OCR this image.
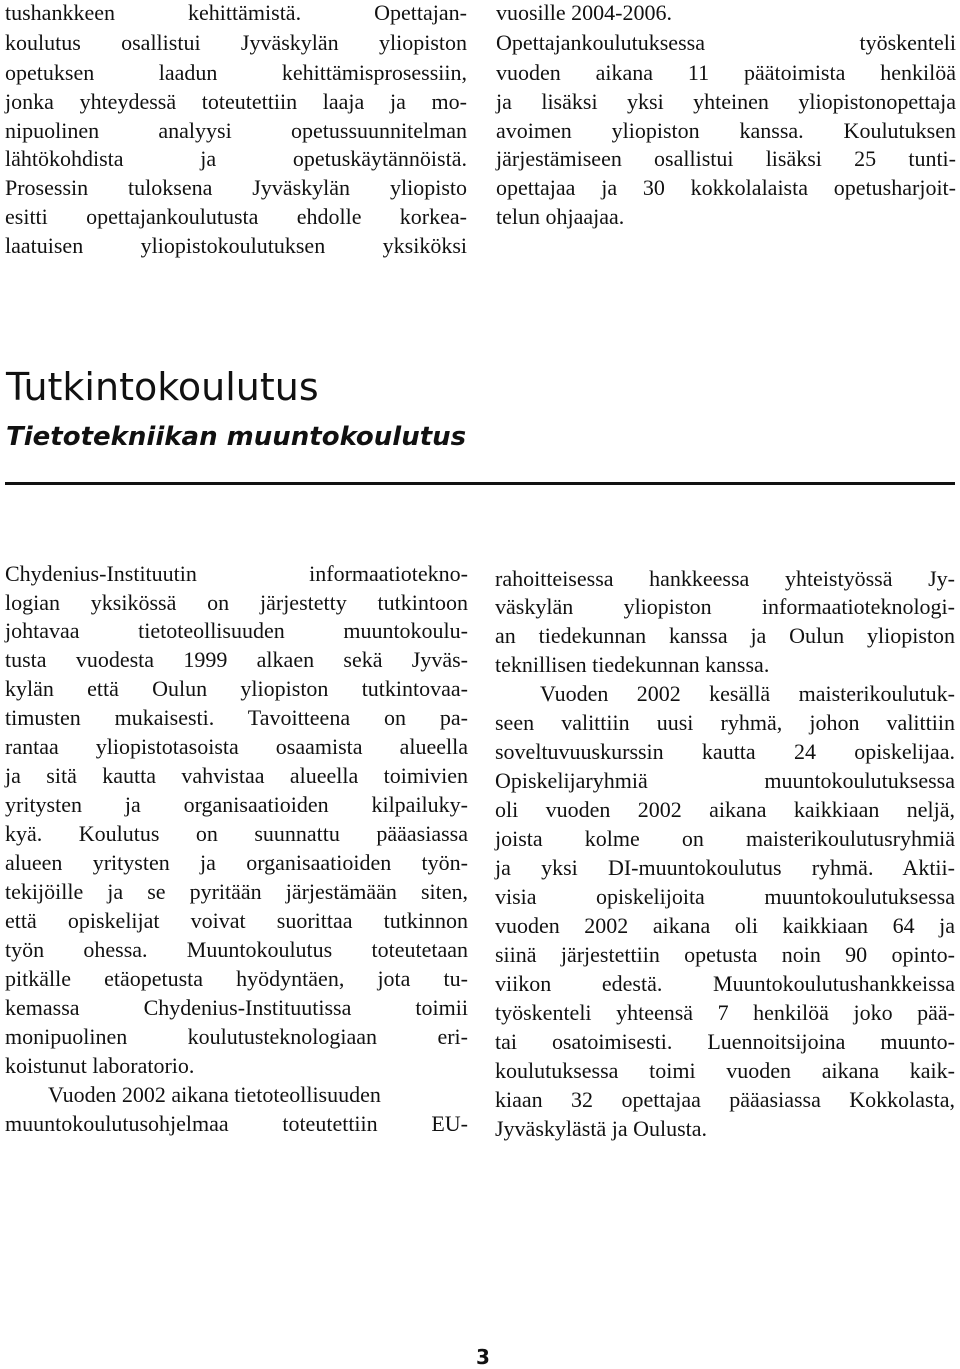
tushankkeen kehittämistä. Opettajan-
koulutus osallistui Jyväskylän yliopiston
opetuksen laadun kehittämisprosessiin,
jonka yhteydessä toteutettiin laaja ja mo-
nipuolinen analyysi opetussuunnitelman
lähtökohdista ja opetuskäytännöistä.
Prosessin tuloksena Jyväskylän yliopisto
esitti opettajankoulutusta ehdolle korkea-
laatuisen yliopistokoulutuksen yksiköksi
vuosille 2004-2006.
Opettajankoulutuksessa työskenteli
vuoden aikana 11 päätoimista henkilöä
ja lisäksi yksi yhteinen yliopistonopettaja
avoimen yliopiston kanssa. Koulutuksen
järjestämiseen osallistui lisäksi 25 tunti-
opettajaa ja 30 kokkolalaista opetusharjoit-
telun ohjaajaa.
Tutkintokoulutus
Tietotekniikan muuntokoulutus
Chydenius-Instituutin informaatioteknо-
logian yksikössä on järjestetty tutkintoon
johtavaa tietoteollisuuden muuntokoulu-
tusta vuodesta 1999 alkaen sekä Jyväs-
kylän että Oulun yliopiston tutkintovaa-
timusten mukaisesti. Tavoitteena on pa-
rantaa yliopistotasoista osaamista alueella
ja sitä kautta vahvistaa alueella toimivien
yritysten ja organisaatioiden kilpailuky-
kyä. Koulutus on suunnattu pääasiassa
alueen yritysten ja organisaatioiden työn-
tekijöille ja se pyritään järjestämään siten,
että opiskelijat voivat suorittaa tutkinnon
työn ohessa. Muuntokoulutus toteutetaan
pitkälle etäopetusta hyödyntäen, jota tu-
kemassa Chydenius-Instituutissa toimii
monipuolinen koulutusteknologiaan eri-
koistunut laboratorio.
Vuoden 2002 aikana tietoteollisuuden
muuntokoulutusohjelmaa toteutettiin EU-
rahoitteisessa hankkeessa yhteistyössä Jy-
väskylän yliopiston informaatioteknologi-
an tiedekunnan kanssa ja Oulun yliopiston
teknillisen tiedekunnan kanssa.
Vuoden 2002 kesällä maisterikoulutuk-
seen valittiin uusi ryhmä, johon valittiin
soveltuvuuskurssin kautta 24 opiskelijaa.
Opiskelijaryhmiä muuntokoulutuksessa
oli vuoden 2002 aikana kaikkiaan neljä,
joista kolme on maisterikoulutusryhmiä
ja yksi DI-muuntokoulutus ryhmä. Aktii-
visia opiskelijoita muuntokoulutuksessa
vuoden 2002 aikana oli kaikkiaan 64 ja
siinä järjestettiin opetusta noin 90 opinto-
viikon edestä. Muuntokoulutushankkeissa
työskenteli yhteensä 7 henkilöä joko pää-
tai osatoimisesti. Luennoitsijoina muunto-
koulutuksessa toimi vuoden aikana kaik-
kiaan 32 opettajaa pääasiassa Kokkolasta,
Jyväskylästä ja Oulusta.
3
